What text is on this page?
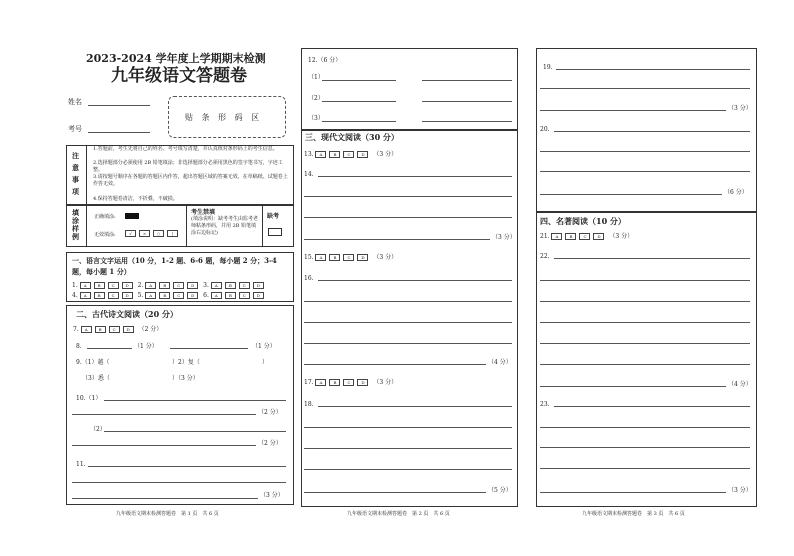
2023-2024 学年度上学期期末检测
九年级语文答题卷
姓名
考号
贴 条 形 码 区
注意事项
1.答题前，考生先将自己的姓名、考号填写清楚，并认真核对条形码上的考生信息。
2.选择题部分必须使用 2B 铅笔填涂；非选择题部分必须用黑色的签字笔书写，字迹工整。
3.请按题号顺序在各题的答题区内作答，超出答题区域的答案无效，在草稿纸、试题卷上作答无效。
4.保持答题卷清洁，不折叠，不破损。
填涂样例
正确填涂:
无效填涂:	√	×	○	|
考生禁填
(填涂说明：缺考考生由监考老师粘条形码，并用 2B 铅笔填涂右边标记)
缺考
一、语言文字运用（10 分，1-2 题、6-6 题，每小题 2 分；3-4 题，每小题 1 分）
1. A	B	C	D 2. A	B	C	D 3. A	B	C	D
4. A	B	C	D 5. A	B	C	D 6. A	B	C	D
二、古代诗文阅读（20 分）
7. A	B	C	D （2 分）
8.	（1 分）	（1 分）
9.（1）越（	）2）复（	）
（3）悉（	）（3 分）
10.（1）
（2 分）
（2）
（2 分）
11.
（3 分）
九年级语文期末检测答题卷　第 1 页　共 6 页
12.（6 分）
（1）
（2）
（3）
三、现代文阅读（30 分）
13. A	B	C	D （3 分）
14.
（3 分）
15. A	B	C	D （3 分）
16.
（4 分）
17. A	B	C	D （3 分）
18.
（5 分）
九年级语文期末检测答题卷　第 2 页　共 6 页
19.
（3 分）
20.
（6 分）
四、名著阅读（10 分）
21. A	B	C	D （3 分）
22.
（4 分）
23.
（3 分）
九年级语文期末检测答题卷　第 3 页　共 6 页
